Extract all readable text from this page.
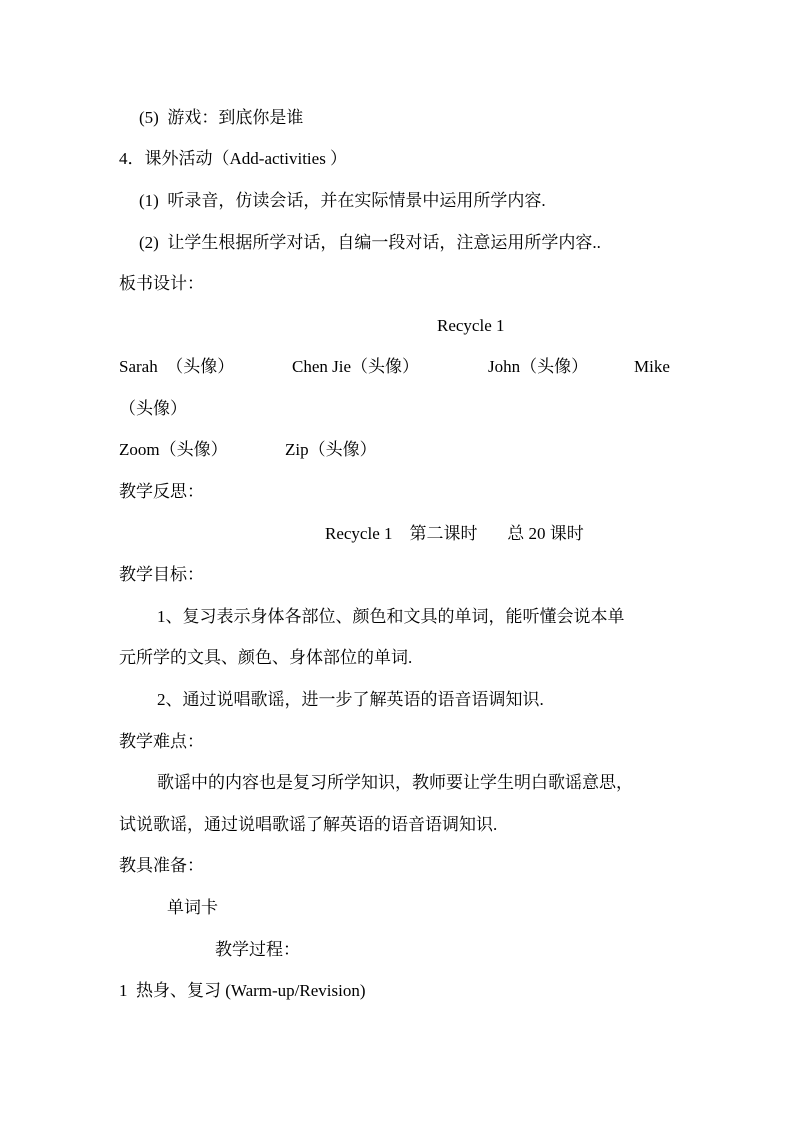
(5)  游戏：到底你是谁
4．课外活动（Add-activities ）
(1)  听录音，仿读会话，并在实际情景中运用所学内容.
(2)  让学生根据所学对话，自编一段对话，注意运用所学内容..
板书设计：
Recycle 1
Sarah  （头像）	Chen Jie（头像）	John（头像）	Mike
（头像）
Zoom（头像）	Zip（头像）
教学反思：
Recycle 1    第二课时       总 20 课时
教学目标：
1、复习表示身体各部位、颜色和文具的单词，能听懂会说本单
元所学的文具、颜色、身体部位的单词.
2、通过说唱歌谣，进一步了解英语的语音语调知识.
教学难点：
歌谣中的内容也是复习所学知识，教师要让学生明白歌谣意思，
试说歌谣，通过说唱歌谣了解英语的语音语调知识.
教具准备：
单词卡
教学过程：
1  热身、复习 (Warm-up/Revision)
